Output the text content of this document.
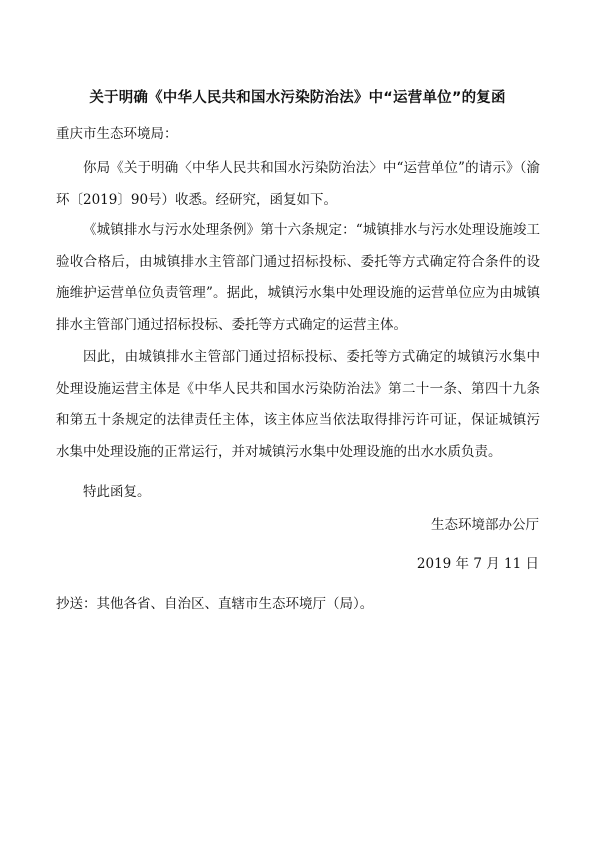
关于明确《中华人民共和国水污染防治法》中“运营单位”的复函
重庆市生态环境局：

你局《关于明确〈中华人民共和国水污染防治法〉中“运营单位”的请示》（渝环〔2019〕90号）收悉。经研究，函复如下。

《城镇排水与污水处理条例》第十六条规定：“城镇排水与污水处理设施竣工验收合格后，由城镇排水主管部门通过招标投标、委托等方式确定符合条件的设施维护运营单位负责管理”。据此，城镇污水集中处理设施的运营单位应为由城镇排水主管部门通过招标投标、委托等方式确定的运营主体。

因此，由城镇排水主管部门通过招标投标、委托等方式确定的城镇污水集中处理设施运营主体是《中华人民共和国水污染防治法》第二十一条、第四十九条和第五十条规定的法律责任主体，该主体应当依法取得排污许可证，保证城镇污水集中处理设施的正常运行，并对城镇污水集中处理设施的出水水质负责。

特此函复。

生态环境部办公厅
2019 年 7 月 11 日
抄送：其他各省、自治区、直辖市生态环境厅（局）。
